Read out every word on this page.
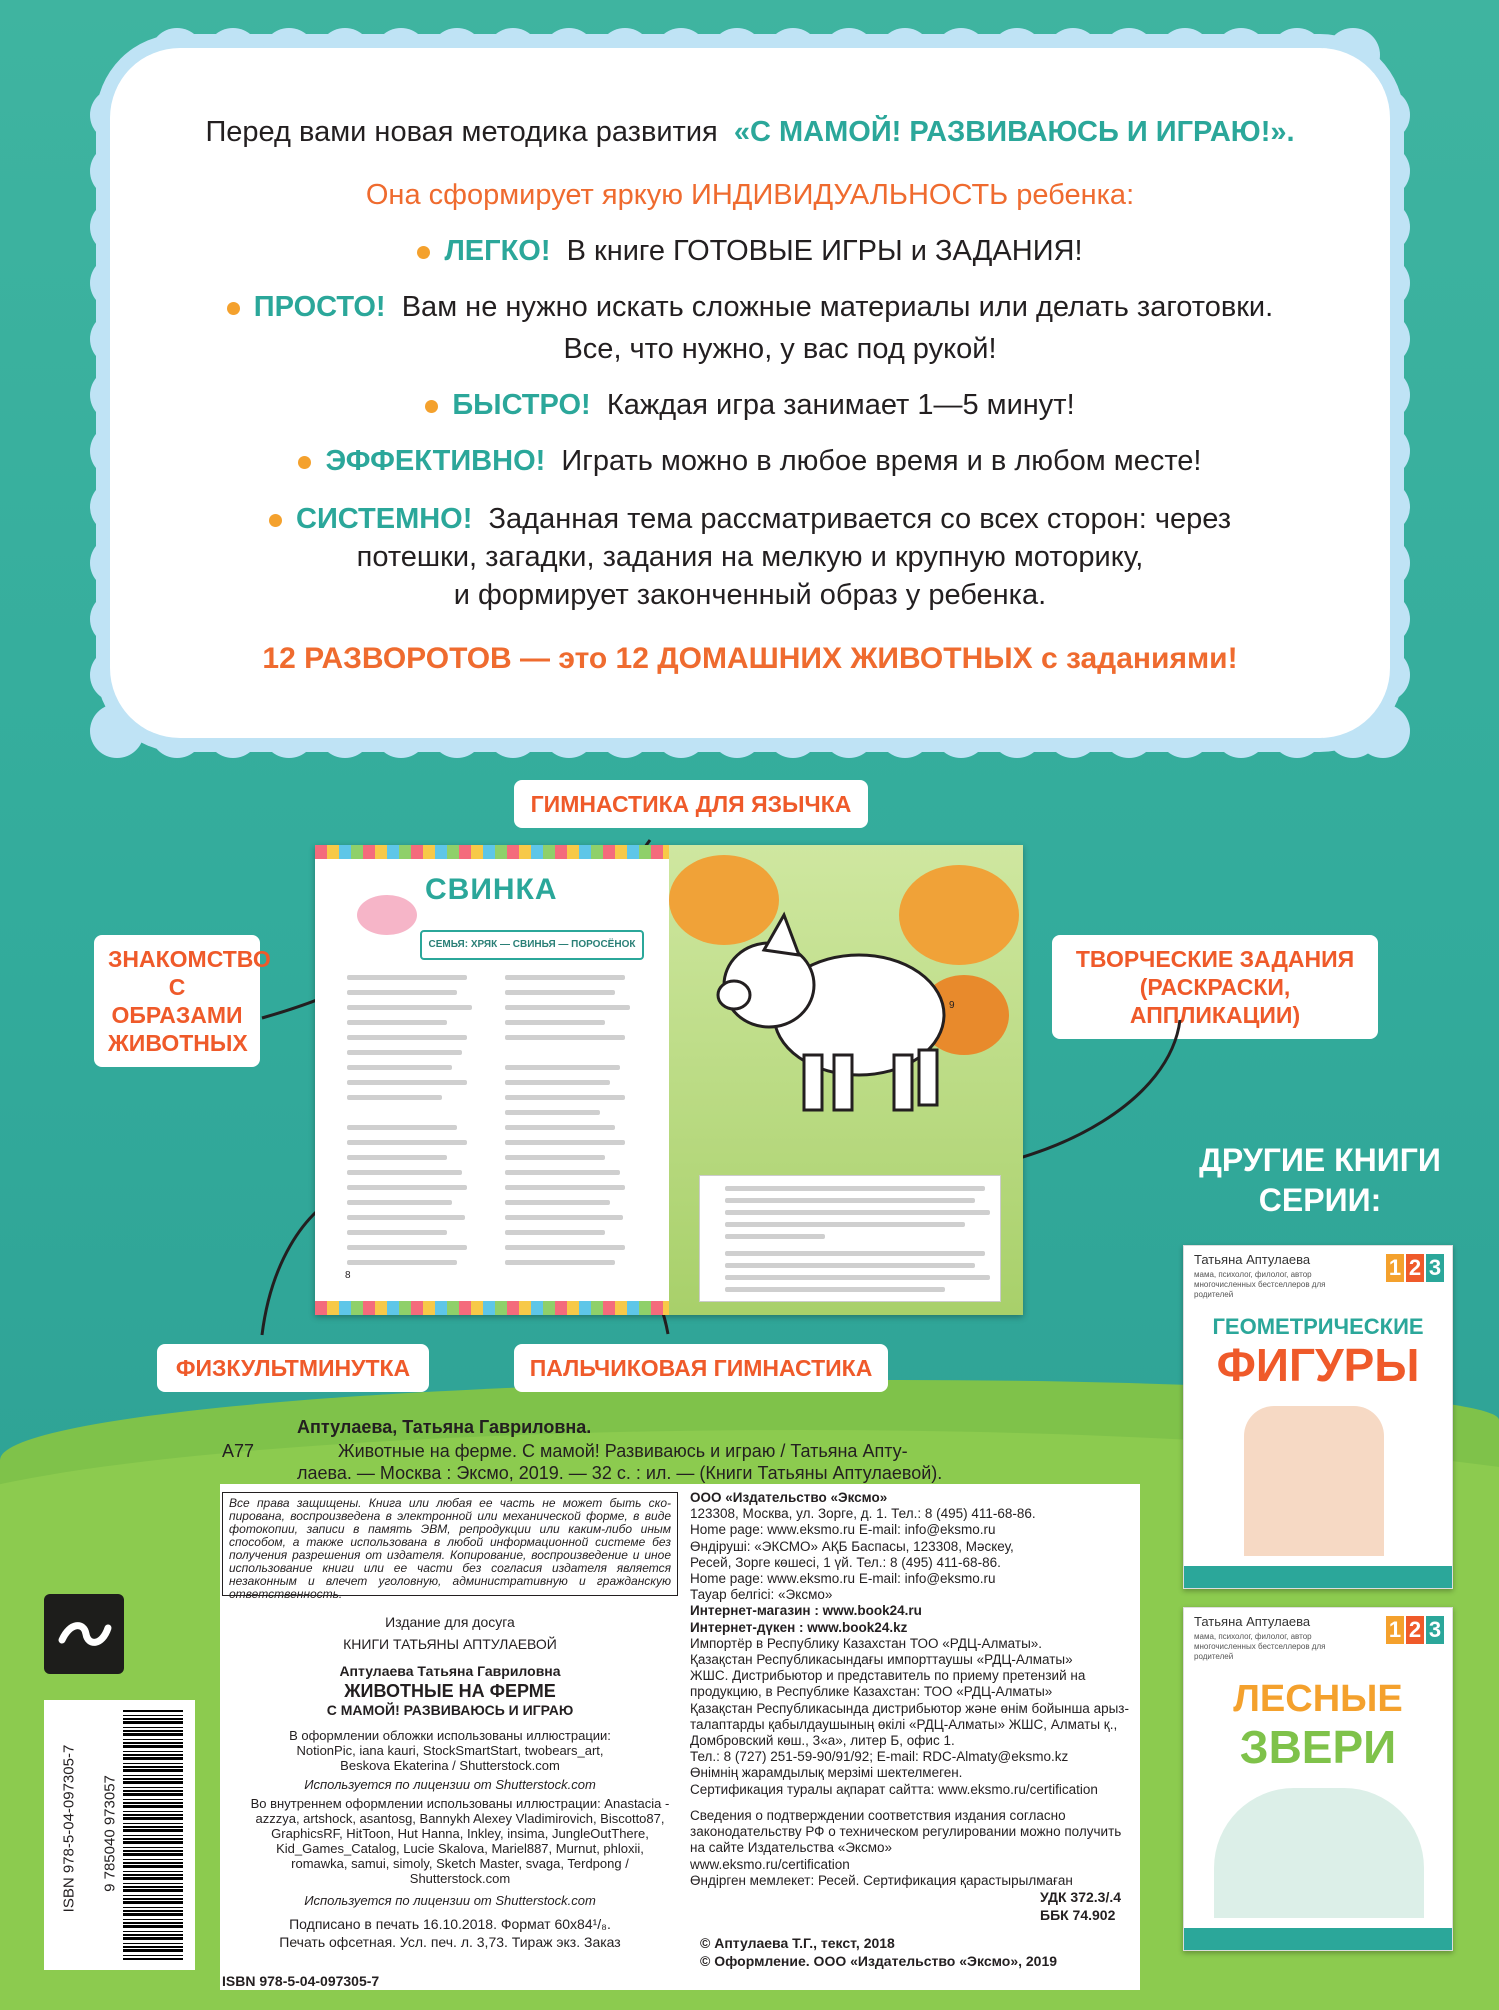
Перед вами новая методика развития «С МАМОЙ! РАЗВИВАЮСЬ И ИГРАЮ!».
Она сформирует яркую ИНДИВИДУАЛЬНОСТЬ ребенка:
ЛЕГКО! В книге ГОТОВЫЕ ИГРЫ и ЗАДАНИЯ!
ПРОСТО! Вам не нужно искать сложные материалы или делать заготовки.
Все, что нужно, у вас под рукой!
БЫСТРО! Каждая игра занимает 1—5 минут!
ЭФФЕКТИВНО! Играть можно в любое время и в любом месте!
СИСТЕМНО! Заданная тема рассматривается со всех сторон: через
потешки, загадки, задания на мелкую и крупную моторику,
и формирует законченный образ у ребенка.
12 РАЗВОРОТОВ — это 12 ДОМАШНИХ ЖИВОТНЫХ с заданиями!
ГИМНАСТИКА ДЛЯ ЯЗЫЧКА
ЗНАКОМСТВО
С ОБРАЗАМИ
ЖИВОТНЫХ
ТВОРЧЕСКИЕ ЗАДАНИЯ
(РАСКРАСКИ, АППЛИКАЦИИ)
ФИЗКУЛЬТМИНУТКА	ПАЛЬЧИКОВАЯ ГИМНАСТИКА
СВИНКА
СЕМЬЯ: ХРЯК — СВИНЬЯ — ПОРОСЁНОК
8
9
ДРУГИЕ КНИГИ
СЕРИИ:
Татьяна Аптулаева
мама, психолог, филолог, автор многочисленных бестселлеров для родителей
1 2 3
ГЕОМЕТРИЧЕСКИЕ
ФИГУРЫ
Татьяна Аптулаева
мама, психолог, филолог, автор многочисленных бестселлеров для родителей
1 2 3
ЛЕСНЫЕ
ЗВЕРИ
Аптулаева, Татьяна Гавриловна.
А77	Животные на ферме. С мамой! Развиваюсь и играю / Татьяна Апту-
лаева. — Москва : Эксмо, 2019. — 32 с. : ил. — (Книги Татьяны Аптулаевой).
Все права защищены. Книга или любая ее часть не может быть скопирована, воспроизведена в электронной или механической форме, в виде фотокопии, записи в память ЭВМ, репродукции или каким-либо иным способом, а также использована в любой информационной системе без получения разрешения от издателя. Копирование, воспроизведение и иное использование книги или ее части без согласия издателя является незаконным и влечет уголовную, административную и гражданскую ответственность.
Издание для досуга
КНИГИ ТАТЬЯНЫ АПТУЛАЕВОЙ
Аптулаева Татьяна Гавриловна
ЖИВОТНЫЕ НА ФЕРМЕ
С МАМОЙ! РАЗВИВАЮСЬ И ИГРАЮ
В оформлении обложки использованы иллюстрации: NotionPic, iana kauri, StockSmartStart, twobears_art, Beskova Ekaterina / Shutterstock.com
Используется по лицензии от Shutterstock.com
Во внутреннем оформлении использованы иллюстрации: Anastacia - azzzya, artshock, asantosg, Bannykh Alexey Vladimirovich, Biscotto87, GraphicsRF, HitToon, Hut Hanna, Inkley, insima, JungleOutThere, Kid_Games_Catalog, Lucie Skalova, Mariel887, Murnut, phloxii, romawka, samui, simoly, Sketch Master, svaga, Terdpong / Shutterstock.com
Используется по лицензии от Shutterstock.com
Подписано в печать 16.10.2018. Формат 60x84¹/₈.
Печать офсетная. Усл. печ. л. 3,73. Тираж экз. Заказ
ISBN 978-5-04-097305-7
ООО «Издательство «Эксмо»
123308, Москва, ул. Зорге, д. 1. Тел.: 8 (495) 411-68-86.
Home page: www.eksmo.ru E-mail: info@eksmo.ru
Өндіруші: «ЭКСМО» АҚБ Баспасы, 123308, Мәскеу,
Ресей, Зорге көшесі, 1 үй. Тел.: 8 (495) 411-68-86.
Home page: www.eksmo.ru E-mail: info@eksmo.ru
Тауар белгісі: «Эксмо»
Интернет-магазин : www.book24.ru
Интернет-дүкен : www.book24.kz
Импортёр в Республику Казахстан ТОО «РДЦ-Алматы».
Қазақстан Республикасындағы импорттаушы «РДЦ-Алматы»
ЖШС. Дистрибьютор и представитель по приему претензий на
продукцию, в Республике Казахстан: ТОО «РДЦ-Алматы»
Қазақстан Республикасында дистрибьютор және өнім бойынша арыз-
талаптарды қабылдаушының өкілі «РДЦ-Алматы» ЖШС, Алматы қ.,
Домбровский көш., 3«а», литер Б, офис 1.
Тел.: 8 (727) 251-59-90/91/92; E-mail: RDC-Almaty@eksmo.kz
Өнімнің жарамдылық мерзімі шектелмеген.
Сертификация туралы ақпарат сайтта: www.eksmo.ru/certification
Сведения о подтверждении соответствия издания согласно
законодательству РФ о техническом регулировании можно получить
на сайте Издательства «Эксмо»
www.eksmo.ru/certification
Өндірген мемлекет: Ресей. Сертификация қарастырылмаған
УДК 372.3/.4
ББК 74.902
© Аптулаева Т.Г., текст, 2018
© Оформление. ООО «Издательство «Эксмо», 2019
ISBN 978-5-04-097305-7 9 785040 973057
